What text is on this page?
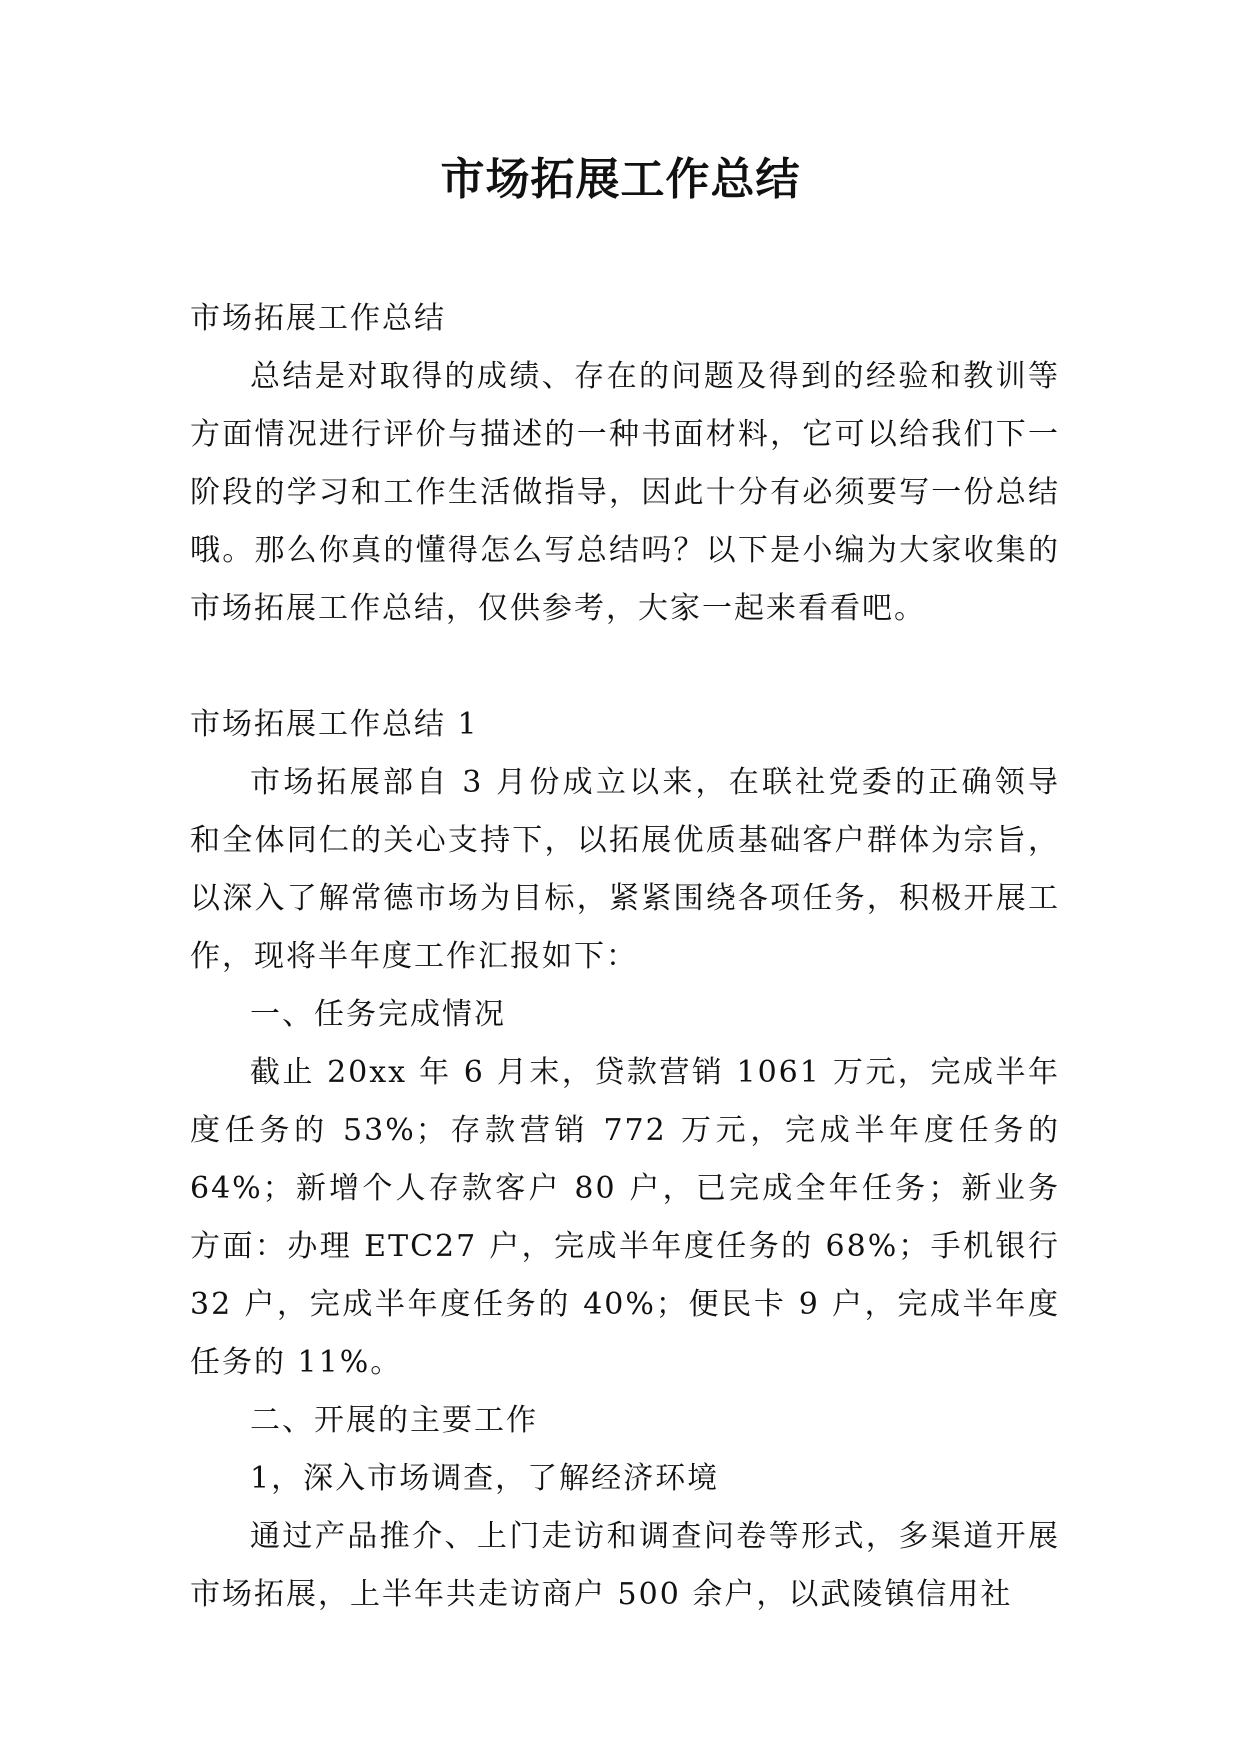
市场拓展工作总结

市场拓展工作总结

总结是对取得的成绩、存在的问题及得到的经验和教训等方面情况进行评价与描述的一种书面材料，它可以给我们下一阶段的学习和工作生活做指导，因此十分有必须要写一份总结哦。那么你真的懂得怎么写总结吗？以下是小编为大家收集的市场拓展工作总结，仅供参考，大家一起来看看吧。

市场拓展工作总结 1

市场拓展部自 3 月份成立以来，在联社党委的正确领导和全体同仁的关心支持下，以拓展优质基础客户群体为宗旨，以深入了解常德市场为目标，紧紧围绕各项任务，积极开展工作，现将半年度工作汇报如下：

一、任务完成情况

截止 20xx 年 6 月末，贷款营销 1061 万元，完成半年度任务的 53%；存款营销 772 万元，完成半年度任务的 64%；新增个人存款客户 80 户，已完成全年任务；新业务方面：办理 ETC27 户，完成半年度任务的 68%；手机银行 32 户，完成半年度任务的 40%；便民卡 9 户，完成半年度任务的 11%。

二、开展的主要工作

1，深入市场调查，了解经济环境

通过产品推介、上门走访和调查问卷等形式，多渠道开展市场拓展，上半年共走访商户 500 余户，以武陵镇信用社
